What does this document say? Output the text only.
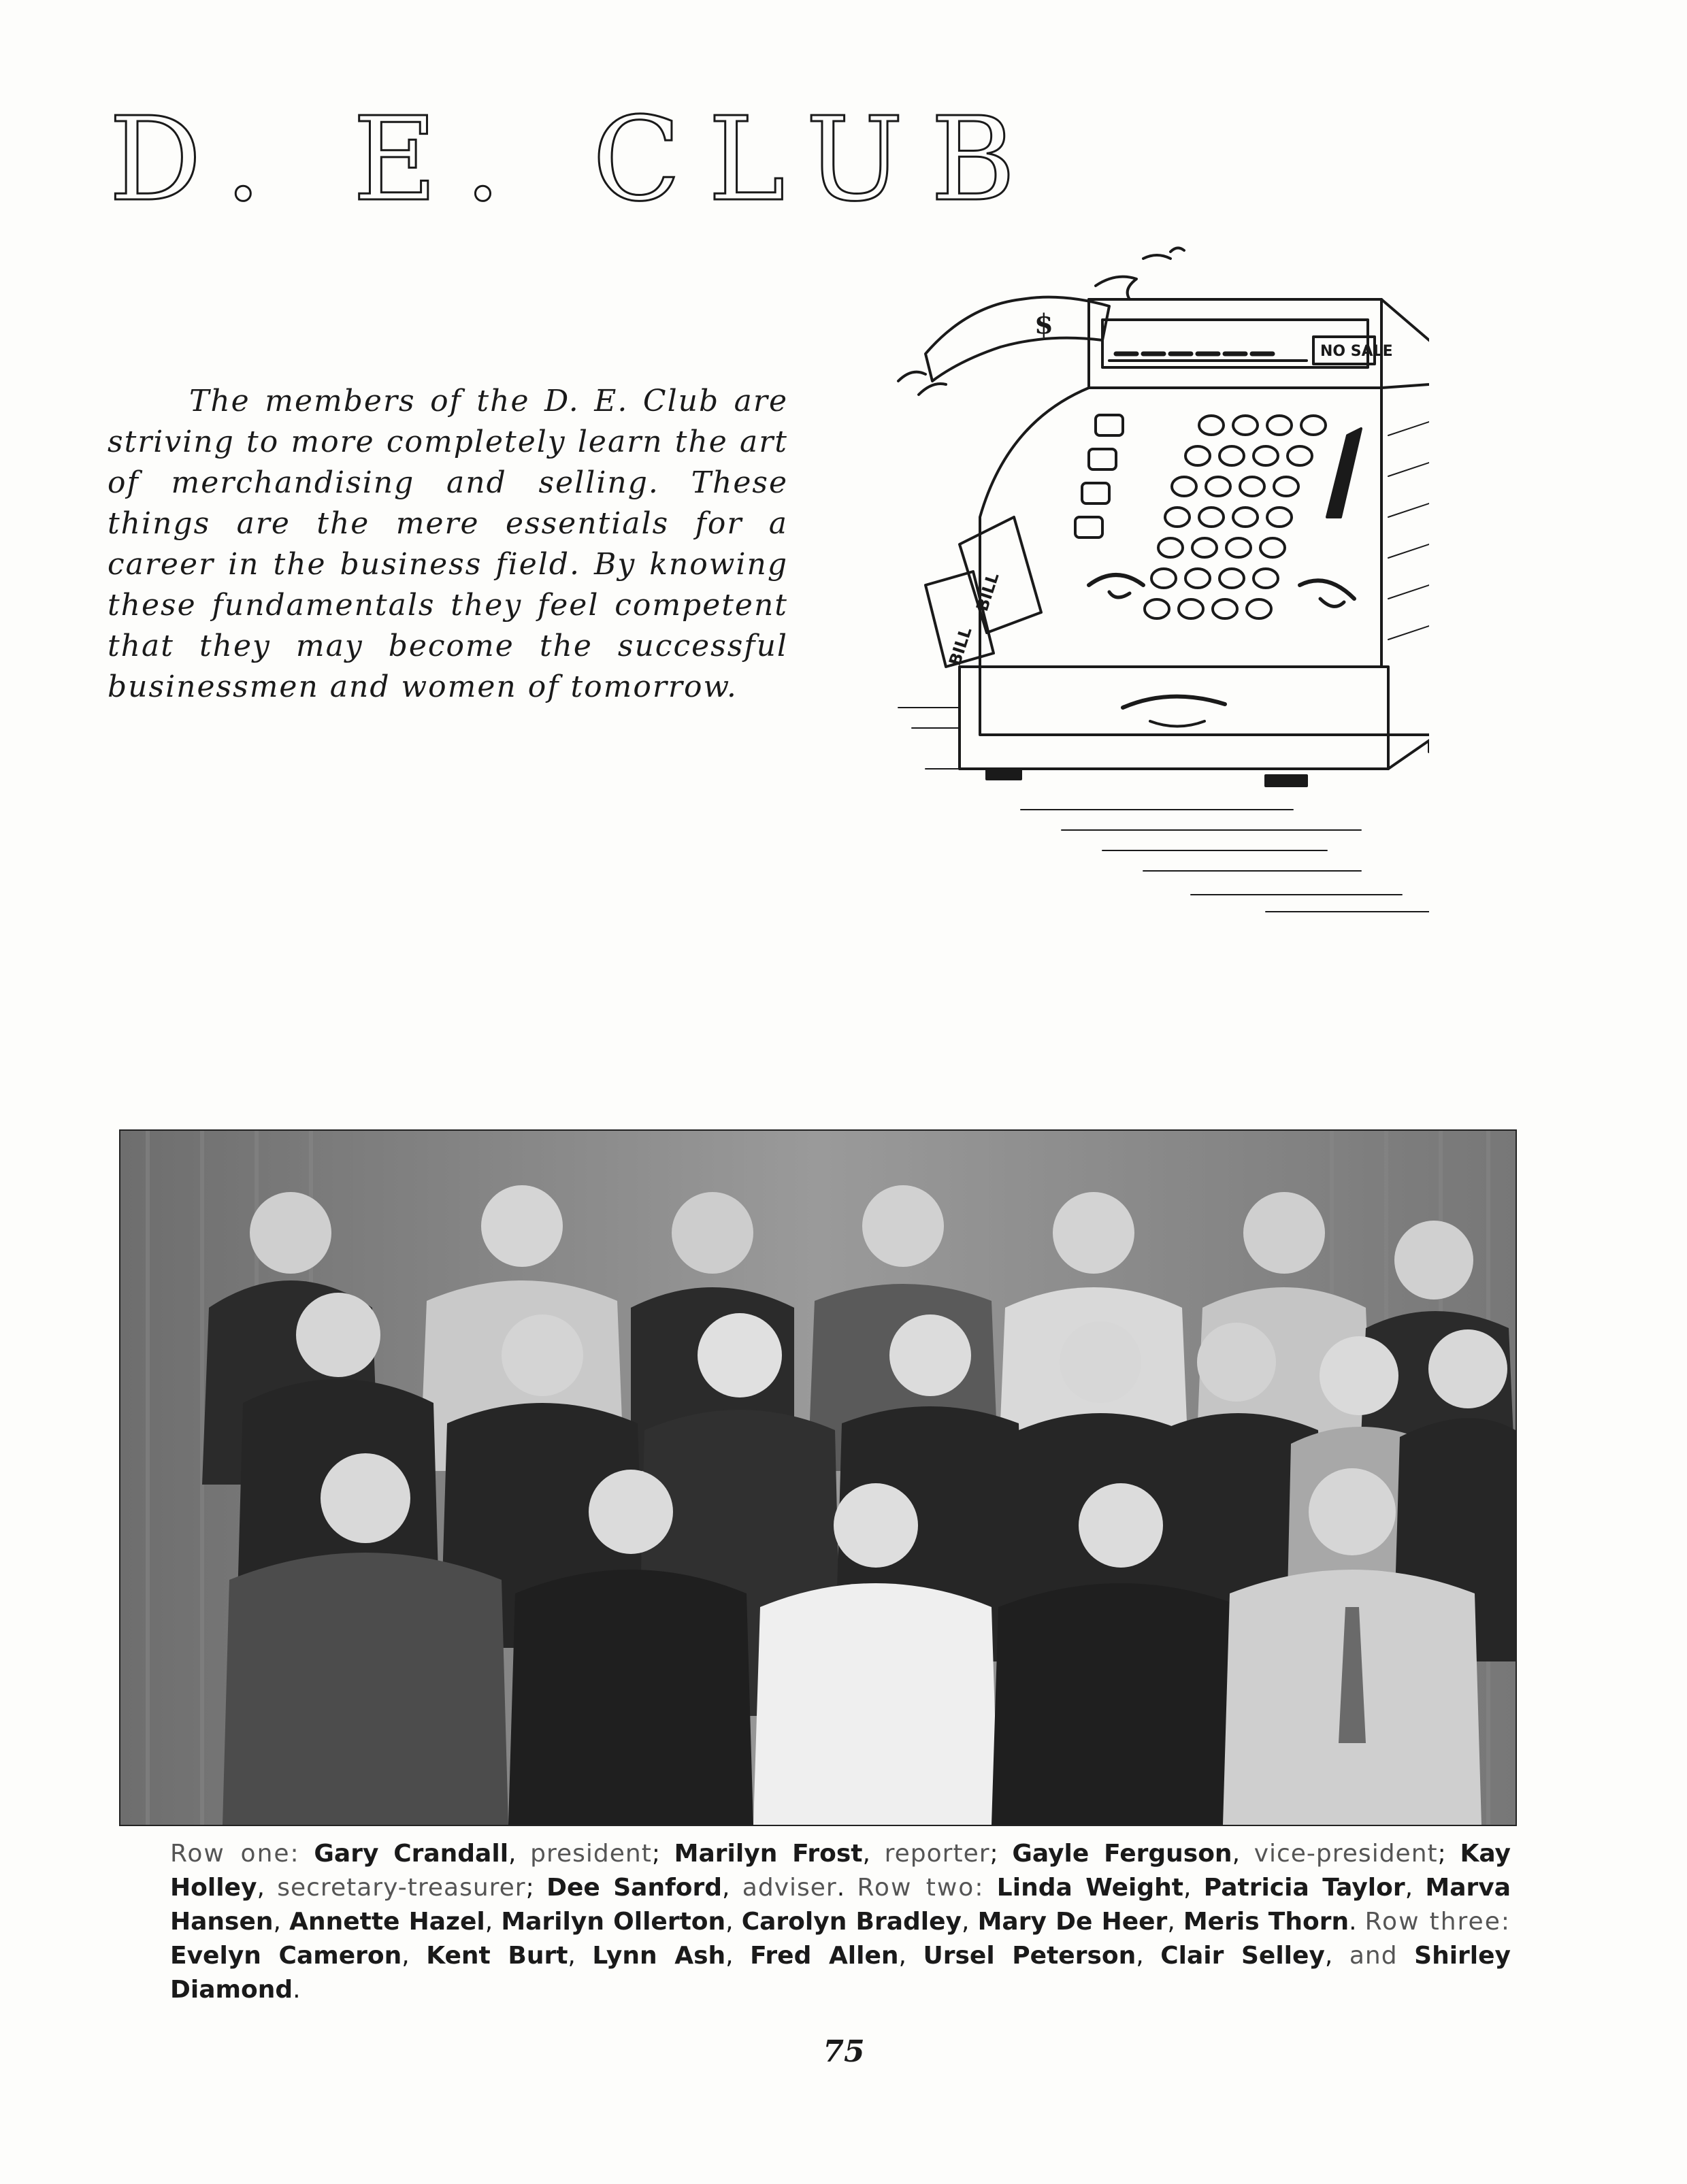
D. E. CLUB

The members of the D. E. Club are striving to more completely learn the art of merchandising and selling. These things are the mere essentials for a career in the business field. By knowing these fundamentals they feel competent that they may become the successful businessmen and women of tomorrow.

NO SALE
BILL
BILL
$

Row one: Gary Crandall, president; Marilyn Frost, reporter; Gayle Ferguson, vice-president; Kay Holley, secretary-treasurer; Dee Sanford, adviser. Row two: Linda Weight, Patricia Taylor, Marva Hansen, Annette Hazel, Marilyn Ollerton, Carolyn Bradley, Mary De Heer, Meris Thorn. Row three: Evelyn Cameron, Kent Burt, Lynn Ash, Fred Allen, Ursel Peterson, Clair Selley, and Shirley Diamond.

75
